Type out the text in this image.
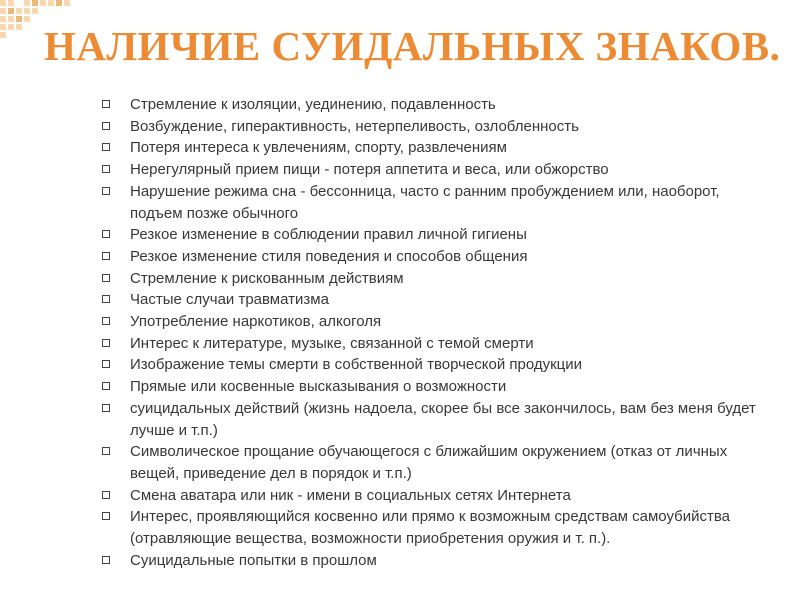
НАЛИЧИЕ СУИДАЛЬНЫХ ЗНАКОВ.
Стремление к изоляции, уединению, подавленность
Возбуждение, гиперактивность, нетерпеливость, озлобленность
Потеря интереса к увлечениям, спорту, развлечениям
Нерегулярный прием пищи - потеря аппетита и веса, или обжорство
Нарушение режима сна - бессонница, часто с ранним пробуждением или, наоборот, подъем позже обычного
Резкое изменение в соблюдении правил личной гигиены
Резкое изменение стиля поведения и способов общения
Стремление к рискованным действиям
Частые случаи травматизма
Употребление наркотиков, алкоголя
Интерес к литературе, музыке, связанной с темой смерти
Изображение темы смерти в собственной творческой продукции
Прямые или косвенные высказывания о возможности
суицидальных действий (жизнь надоела, скорее бы все закончилось, вам без меня будет лучше и т.п.)
Символическое прощание обучающегося с ближайшим окружением (отказ от личных вещей, приведение дел в порядок и т.п.)
Смена аватара или ник - имени в социальных сетях Интернета
Интерес, проявляющийся косвенно или прямо к возможным средствам самоубийства (отравляющие вещества, возможности приобретения оружия и т. п.).
Суицидальные попытки в прошлом
